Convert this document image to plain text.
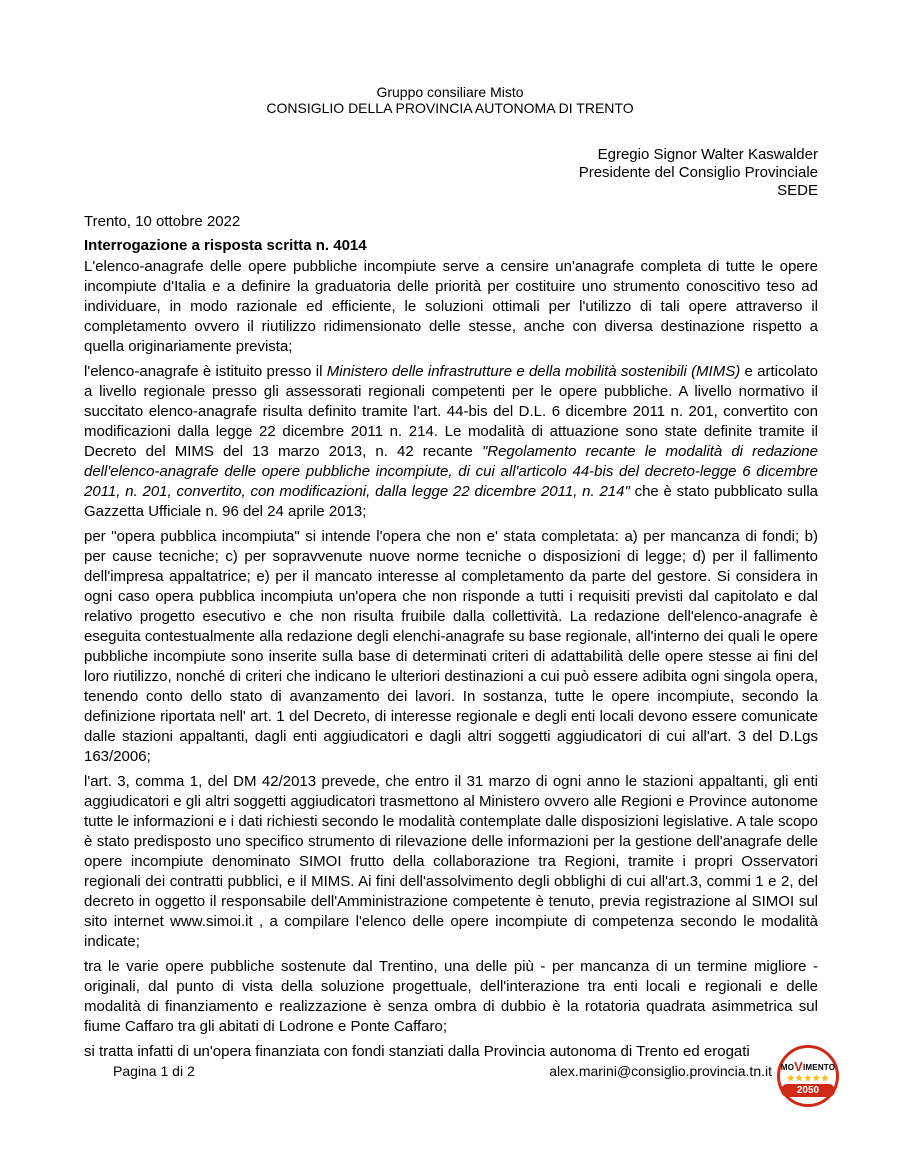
Gruppo consiliare Misto
CONSIGLIO DELLA PROVINCIA AUTONOMA DI TRENTO
Egregio Signor Walter Kaswalder
Presidente del Consiglio Provinciale
SEDE
Trento, 10 ottobre 2022
Interrogazione a risposta scritta n. 4014

L'elenco-anagrafe delle opere pubbliche incompiute serve a censire un'anagrafe completa di tutte le opere incompiute d'Italia e a definire la graduatoria delle priorità per costituire uno strumento conoscitivo teso ad individuare, in modo razionale ed efficiente, le soluzioni ottimali per l'utilizzo di tali opere attraverso il completamento ovvero il riutilizzo ridimensionato delle stesse, anche con diversa destinazione rispetto a quella originariamente prevista;

l'elenco-anagrafe è istituito presso il Ministero delle infrastrutture e della mobilità sostenibili (MIMS) e articolato a livello regionale presso gli assessorati regionali competenti per le opere pubbliche. A livello normativo il succitato elenco-anagrafe risulta definito tramite l'art. 44-bis del D.L. 6 dicembre 2011 n. 201, convertito con modificazioni dalla legge 22 dicembre 2011 n. 214. Le modalità di attuazione sono state definite tramite il Decreto del MIMS del 13 marzo 2013, n. 42 recante "Regolamento recante le modalità di redazione dell'elenco-anagrafe delle opere pubbliche incompiute, di cui all'articolo 44-bis del decreto-legge 6 dicembre 2011, n. 201, convertito, con modificazioni, dalla legge 22 dicembre 2011, n. 214" che è stato pubblicato sulla Gazzetta Ufficiale n. 96 del 24 aprile 2013;

per "opera pubblica incompiuta" si intende l'opera che non e' stata completata: a) per mancanza di fondi; b) per cause tecniche; c) per sopravvenute nuove norme tecniche o disposizioni di legge; d) per il fallimento dell'impresa appaltatrice; e) per il mancato interesse al completamento da parte del gestore. Si considera in ogni caso opera pubblica incompiuta un'opera che non risponde a tutti i requisiti previsti dal capitolato e dal relativo progetto esecutivo e che non risulta fruibile dalla collettività. La redazione dell'elenco-anagrafe è eseguita contestualmente alla redazione degli elenchi-anagrafe su base regionale, all'interno dei quali le opere pubbliche incompiute sono inserite sulla base di determinati criteri di adattabilità delle opere stesse ai fini del loro riutilizzo, nonché di criteri che indicano le ulteriori destinazioni a cui può essere adibita ogni singola opera, tenendo conto dello stato di avanzamento dei lavori. In sostanza, tutte le opere incompiute, secondo la definizione riportata nell' art. 1 del Decreto, di interesse regionale e degli enti locali devono essere comunicate dalle stazioni appaltanti, dagli enti aggiudicatori e dagli altri soggetti aggiudicatori di cui all'art. 3 del D.Lgs 163/2006;

l'art. 3, comma 1, del DM 42/2013 prevede, che entro il 31 marzo di ogni anno le stazioni appaltanti, gli enti aggiudicatori e gli altri soggetti aggiudicatori trasmettono al Ministero ovvero alle Regioni e Province autonome tutte le informazioni e i dati richiesti secondo le modalità contemplate dalle disposizioni legislative. A tale scopo è stato predisposto uno specifico strumento di rilevazione delle informazioni per la gestione dell'anagrafe delle opere incompiute denominato SIMOI frutto della collaborazione tra Regioni, tramite i propri Osservatori regionali dei contratti pubblici, e il MIMS. Ai fini dell'assolvimento degli obblighi di cui all'art.3, commi 1 e 2, del decreto in oggetto il responsabile dell'Amministrazione competente è tenuto, previa registrazione al SIMOI sul sito internet www.simoi.it , a compilare l'elenco delle opere incompiute di competenza secondo le modalità indicate;

tra le varie opere pubbliche sostenute dal Trentino, una delle più - per mancanza di un termine migliore - originali, dal punto di vista della soluzione progettuale, dell'interazione tra enti locali e regionali e delle modalità di finanziamento e realizzazione è senza ombra di dubbio è la rotatoria quadrata asimmetrica sul fiume Caffaro tra gli abitati di Lodrone e Ponte Caffaro;

si tratta infatti di un'opera finanziata con fondi stanziati dalla Provincia autonoma di Trento ed erogati

Pagina 1 di 2	alex.marini@consiglio.provincia.tn.it MOVIMENTO
★★★★★
2050
